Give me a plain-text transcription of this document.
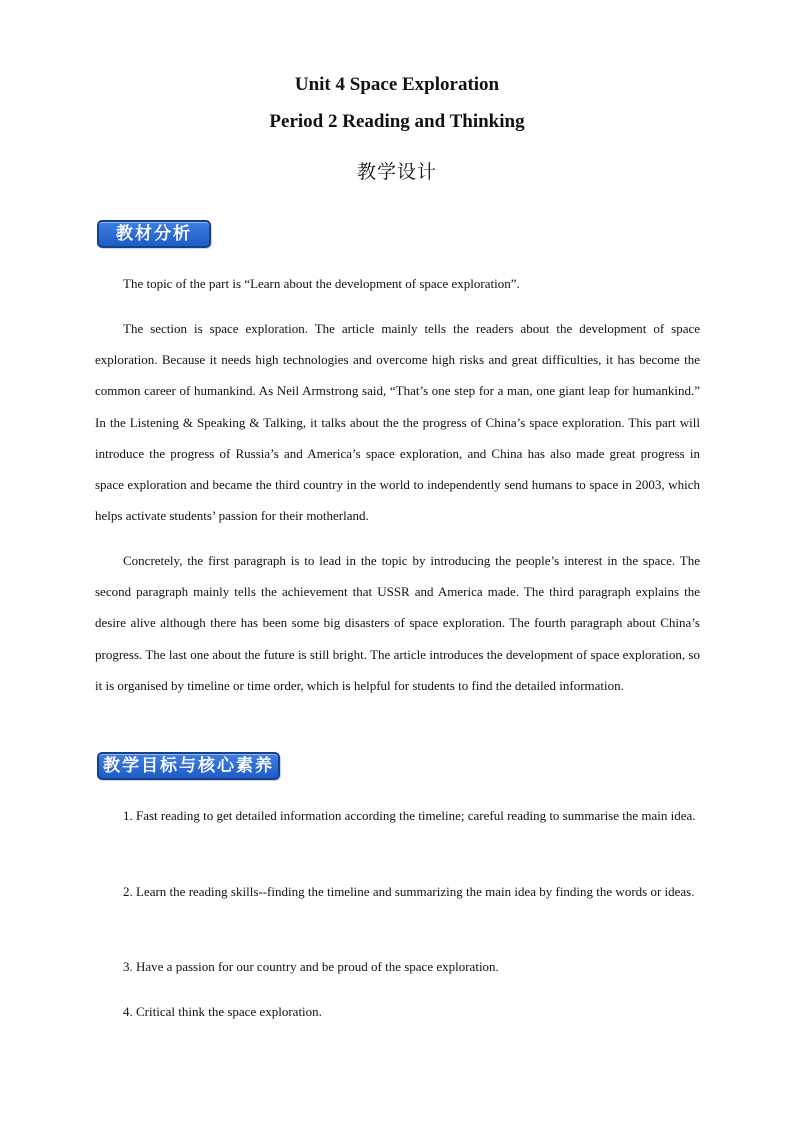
Unit 4 Space Exploration
Period 2 Reading and Thinking
教学设计
教材分析

The topic of the part is “Learn about the development of space exploration”.

The section is space exploration. The article mainly tells the readers about the development of space exploration. Because it needs high technologies and overcome high risks and great difficulties, it has become the common career of humankind. As Neil Armstrong said, “That’s one step for a man, one giant leap for humankind.” In the Listening & Speaking & Talking, it talks about the the progress of China’s space exploration. This part will introduce the progress of Russia’s and America’s space exploration, and China has also made great progress in space exploration and became the third country in the world to independently send humans to space in 2003, which helps activate students’ passion for their motherland.

Concretely, the first paragraph is to lead in the topic by introducing the people’s interest in the space. The second paragraph mainly tells the achievement that USSR and America made. The third paragraph explains the desire alive although there has been some big disasters of space exploration. The fourth paragraph about China’s progress. The last one about the future is still bright. The article introduces the development of space exploration, so it is organised by timeline or time order, which is helpful for students to find the detailed information.

教学目标与核心素养

1. Fast reading to get detailed information according the timeline; careful reading to summarise the main idea.

2. Learn the reading skills--finding the timeline and summarizing the main idea by finding the words or ideas.

3. Have a passion for our country and be proud of the space exploration.

4. Critical think the space exploration.
